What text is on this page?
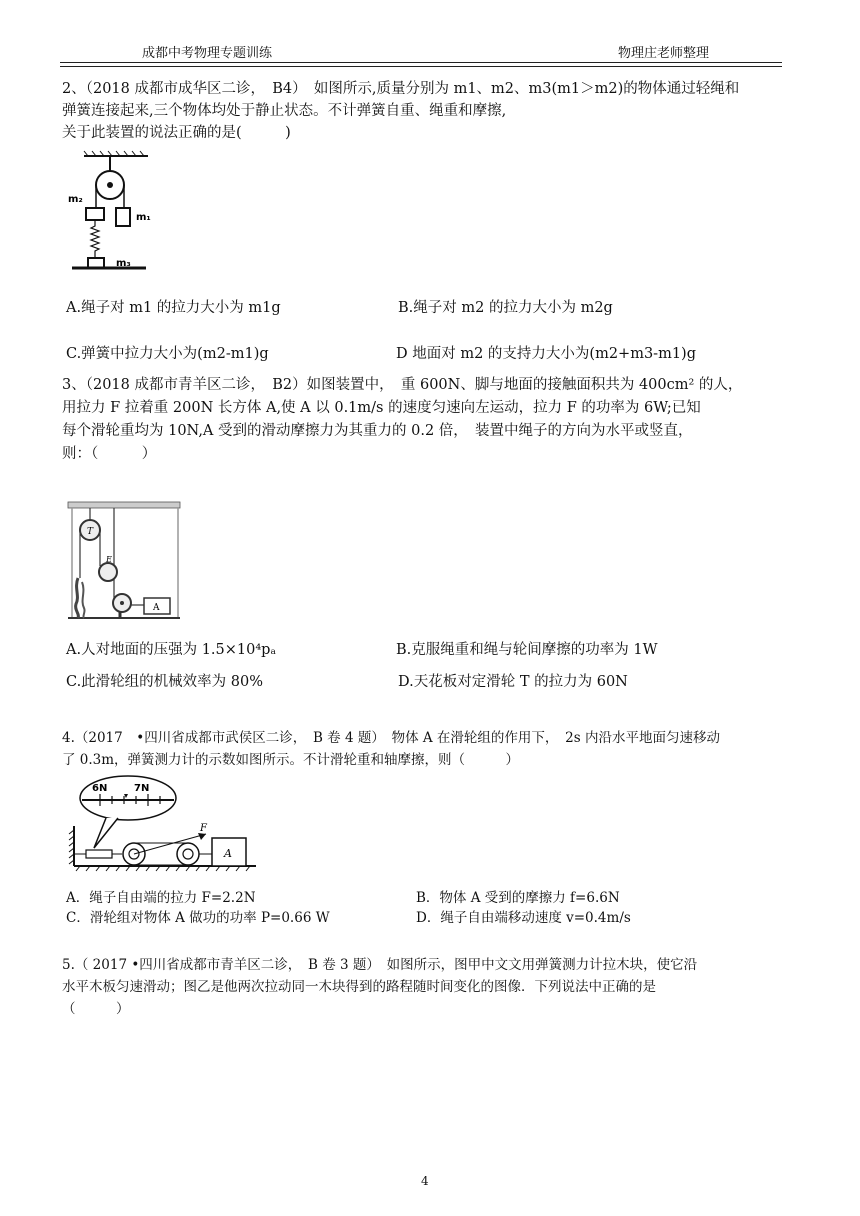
成都中考物理专题训练	物理庄老师整理
2、（2018 成都市成华区二诊，　B4）　如图所示,质量分别为 m1、m2、m3(m1＞m2)的物体通过轻绳和
弹簧连接起来,三个物体均处于静止状态。不计弹簧自重、绳重和摩擦,
关于此装置的说法正确的是(　　　)
m₂
m₁
m₃
A.绳子对 m1 的拉力大小为 m1g	B.绳子对 m2 的拉力大小为 m2g
C.弹簧中拉力大小为(m2-m1)g	D 地面对 m2 的支持力大小为(m2+m3-m1)g
3、（2018 成都市青羊区二诊，　B2）如图装置中，　重 600N、脚与地面的接触面积共为 400cm² 的人，
用拉力 F 拉着重 200N 长方体 A,使 A 以 0.1m/s 的速度匀速向左运动，拉力 F 的功率为 6W;已知
每个滑轮重均为 10N,A 受到的滑动摩擦力为其重力的 0.2 倍，　装置中绳子的方向为水平或竖直，
则：（　　　）
T
E
A
A.人对地面的压强为 1.5×10⁴pₐ	B.克服绳重和绳与轮间摩擦的功率为 1W
C.此滑轮组的机械效率为 80%	D.天花板对定滑轮 T 的拉力为 60N
4.（2017　•四川省成都市武侯区二诊，　B 卷 4 题）　物体 A 在滑轮组的作用下，　2s 内沿水平地面匀速移动
了 0.3m，弹簧测力计的示数如图所示。不计滑轮重和轴摩擦，则（　　　）
F
A
6N	7N
A．绳子自由端的拉力 F=2.2N	B．物体 A 受到的摩擦力 f=6.6N
C．滑轮组对物体 A 做功的功率 P=0.66 W	D．绳子自由端移动速度 v=0.4m/s
5.（ 2017 •四川省成都市青羊区二诊，　B 卷 3 题）　如图所示，图甲中文文用弹簧测力计拉木块，使它沿
水平木板匀速滑动；图乙是他两次拉动同一木块得到的路程随时间变化的图像．下列说法中正确的是
（　　　）
4
